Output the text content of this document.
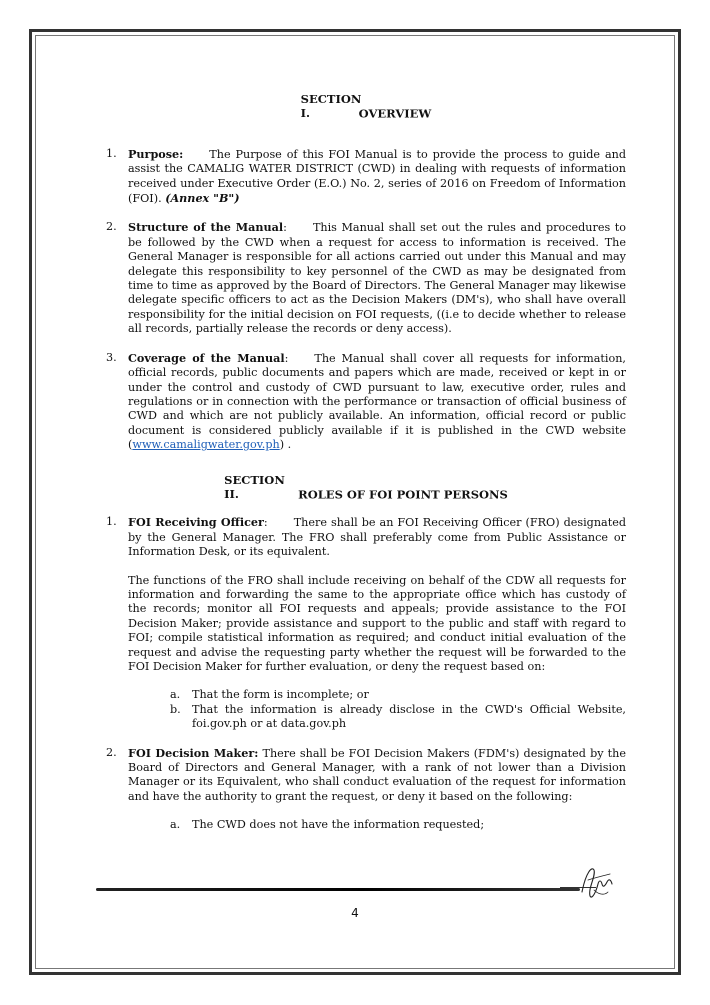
SECTION I.	OVERVIEW
1. Purpose: The Purpose of this FOI Manual is to provide the process to guide and assist the CAMALIG WATER DISTRICT (CWD) in dealing with requests of information received under Executive Order (E.O.) No. 2, series of 2016 on Freedom of Information (FOI). (Annex "B")
2. Structure of the Manual: This Manual shall set out the rules and procedures to be followed by the CWD when a request for access to information is received. The General Manager is responsible for all actions carried out under this Manual and may delegate this responsibility to key personnel of the CWD as may be designated from time to time as approved by the Board of Directors. The General Manager may likewise delegate specific officers to act as the Decision Makers (DM's), who shall have overall responsibility for the initial decision on FOI requests, ((i.e to decide whether to release all records, partially release the records or deny access).
3. Coverage of the Manual: The Manual shall cover all requests for information, official records, public documents and papers which are made, received or kept in or under the control and custody of CWD pursuant to law, executive order, rules and regulations or in connection with the performance or transaction of official business of CWD and which are not publicly available. An information, official record or public document is considered publicly available if it is published in the CWD website (www.camaligwater.gov.ph) .
SECTION II.	ROLES OF FOI POINT PERSONS
1. FOI Receiving Officer: There shall be an FOI Receiving Officer (FRO) designated by the General Manager. The FRO shall preferably come from Public Assistance or Information Desk, or its equivalent.

The functions of the FRO shall include receiving on behalf of the CDW all requests for information and forwarding the same to the appropriate office which has custody of the records; monitor all FOI requests and appeals; provide assistance to the FOI Decision Maker; provide assistance and support to the public and staff with regard to FOI; compile statistical information as required; and conduct initial evaluation of the request and advise the requesting party whether the request will be forwarded to the FOI Decision Maker for further evaluation, or deny the request based on:

a. That the form is incomplete; or
b. That the information is already disclose in the CWD's Official Website, foi.gov.ph or at data.gov.ph
2. FOI Decision Maker: There shall be FOI Decision Makers (FDM's) designated by the Board of Directors and General Manager, with a rank of not lower than a Division Manager or its Equivalent, who shall conduct evaluation of the request for information and have the authority to grant the request, or deny it based on the following:

a. The CWD does not have the information requested;
4
